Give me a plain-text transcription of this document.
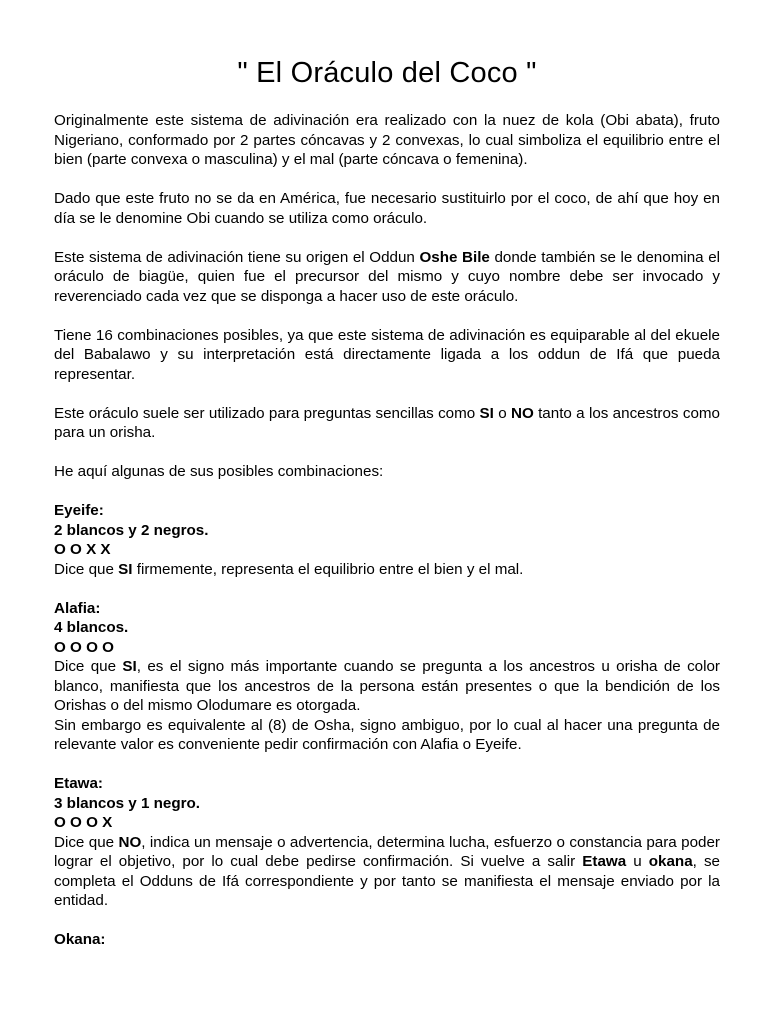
" El Oráculo del Coco "

Originalmente este sistema de adivinación era realizado con la nuez de kola (Obi abata), fruto Nigeriano, conformado por 2 partes cóncavas y 2 convexas, lo cual simboliza el equilibrio entre el bien (parte convexa o masculina) y el mal (parte cóncava o femenina).

Dado que este fruto no se da en América, fue necesario sustituirlo por el coco, de ahí que hoy en día se le denomine Obi cuando se utiliza como oráculo.

Este sistema de adivinación tiene su origen el Oddun Oshe Bile donde también se le denomina el oráculo de biagüe, quien fue el precursor del mismo y cuyo nombre debe ser invocado y reverenciado cada vez que se disponga a hacer uso de este oráculo.

Tiene 16 combinaciones posibles, ya que este sistema de adivinación es equiparable al del ekuele del Babalawo y su interpretación está directamente ligada a los oddun de Ifá que pueda representar.

Este oráculo suele ser utilizado para preguntas sencillas como SI o NO tanto a los ancestros como para un orisha.

He aquí algunas de sus posibles combinaciones:

Eyeife:
2 blancos y 2 negros.
O O X X
Dice que SI firmemente, representa el equilibrio entre el bien y el mal.
Alafia:
4 blancos.
O O O O
Dice que SI, es el signo más importante cuando se pregunta a los ancestros u orisha de color blanco, manifiesta que los ancestros de la persona están presentes o que la bendición de los Orishas o del mismo Olodumare es otorgada.
Sin embargo es equivalente al (8) de Osha, signo ambiguo, por lo cual al hacer una pregunta de relevante valor es conveniente pedir confirmación con Alafia o Eyeife.
Etawa:
3 blancos y 1 negro.
O O O X
Dice que NO, indica un mensaje o advertencia, determina lucha, esfuerzo o constancia para poder lograr el objetivo, por lo cual debe pedirse confirmación. Si vuelve a salir Etawa u okana, se completa el Odduns de Ifá correspondiente y por tanto se manifiesta el mensaje enviado por la entidad.
Okana:
